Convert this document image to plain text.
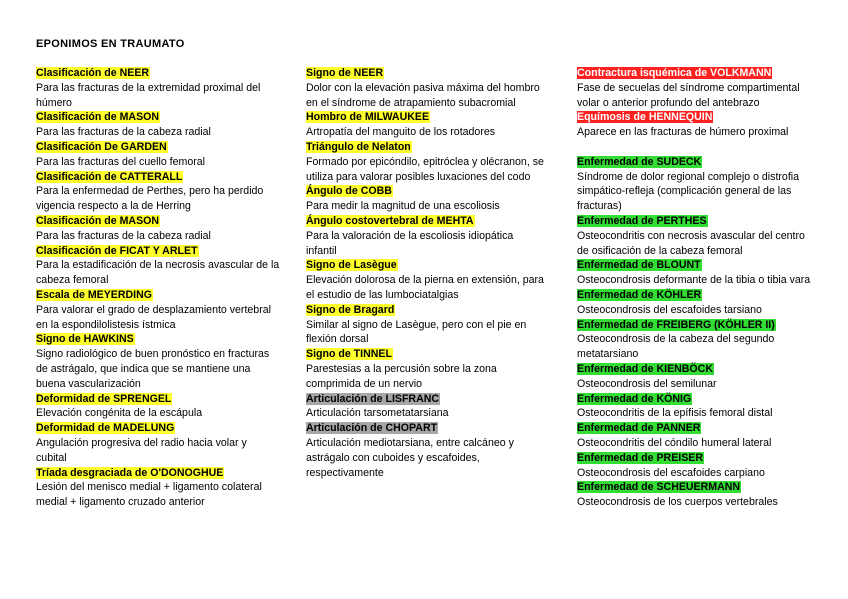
EPONIMOS EN TRAUMATO
Clasificación de NEER
Para las fracturas de la extremidad proximal del húmero
Clasificación de MASON
Para las fracturas de la cabeza radial
Clasificación De GARDEN
Para las fracturas del cuello femoral
Clasificación de CATTERALL
Para la enfermedad de Perthes, pero ha perdido vigencia respecto a la de Herring
Clasificación de MASON
Para las fracturas de la cabeza radial
Clasificación de FICAT Y ARLET
Para la estadificación de la necrosis avascular de la cabeza femoral
Escala de MEYERDING
Para valorar el grado de desplazamiento vertebral en la espondilolistesis ístmica
Signo de HAWKINS
Signo radiológico de buen pronóstico en fracturas de astrágalo, que indica que se mantiene una buena vascularización
Deformidad de SPRENGEL
Elevación congénita de la escápula
Deformidad de MADELUNG
Angulación progresiva del radio hacia volar y cubital
Tríada desgraciada de O'DONOGHUE
Lesión del menisco medial + ligamento colateral medial + ligamento cruzado anterior
Signo de NEER
Dolor con la elevación pasiva máxima del hombro en el síndrome de atrapamiento subacromial
Hombro de MILWAUKEE
Artropatía del manguito de los rotadores
Triángulo de Nelaton
Formado por epicóndilo, epitróclea y olécranon, se utiliza para valorar posibles luxaciones del codo
Ángulo de COBB
Para medir la magnitud de una escoliosis
Ángulo costovertebral de MEHTA
Para la valoración de la escoliosis idiopática infantil
Signo de Lasègue
Elevación dolorosa de la pierna en extensión, para el estudio de las lumbociatalgias
Signo de Bragard
Similar al signo de Lasègue, pero con el pie en flexión dorsal
Signo de TINNEL
Parestesias a la percusión sobre la zona comprimida de un nervio
Articulación de LISFRANC
Articulación tarsometatarsiana
Articulación de CHOPART
Articulación mediotarsiana, entre calcáneo y astrágalo con cuboides y escafoides, respectivamente
Contractura isquémica de VOLKMANN
Fase de secuelas del síndrome compartimental volar o anterior profundo del antebrazo
Equímosis de HENNEQUIN
Aparece en las fracturas de húmero proximal
Enfermedad de SUDECK
Síndrome de dolor regional complejo o distrofia simpático-refleja (complicación general de las fracturas)
Enfermedad de PERTHES
Osteocondritis con necrosis avascular del centro de osificación de la cabeza femoral
Enfermedad de BLOUNT
Osteocondrosis deformante de la tibia o tibia vara
Enfermedad de KÖHLER
Osteocondrosis del escafoides tarsiano
Enfermedad de FREIBERG (KÖHLER II)
Osteocondrosis de la cabeza del segundo metatarsiano
Enfermedad de KIENBÖCK
Osteocondrosis del semilunar
Enfermedad de KÖNIG
Osteocondritis de la epífisis femoral distal
Enfermedad de PANNER
Osteocondritis del cóndilo humeral lateral
Enfermedad de PREISER
Osteocondrosis del escafoides carpiano
Enfermedad de SCHEUERMANN
Osteocondrosis de los cuerpos vertebrales
